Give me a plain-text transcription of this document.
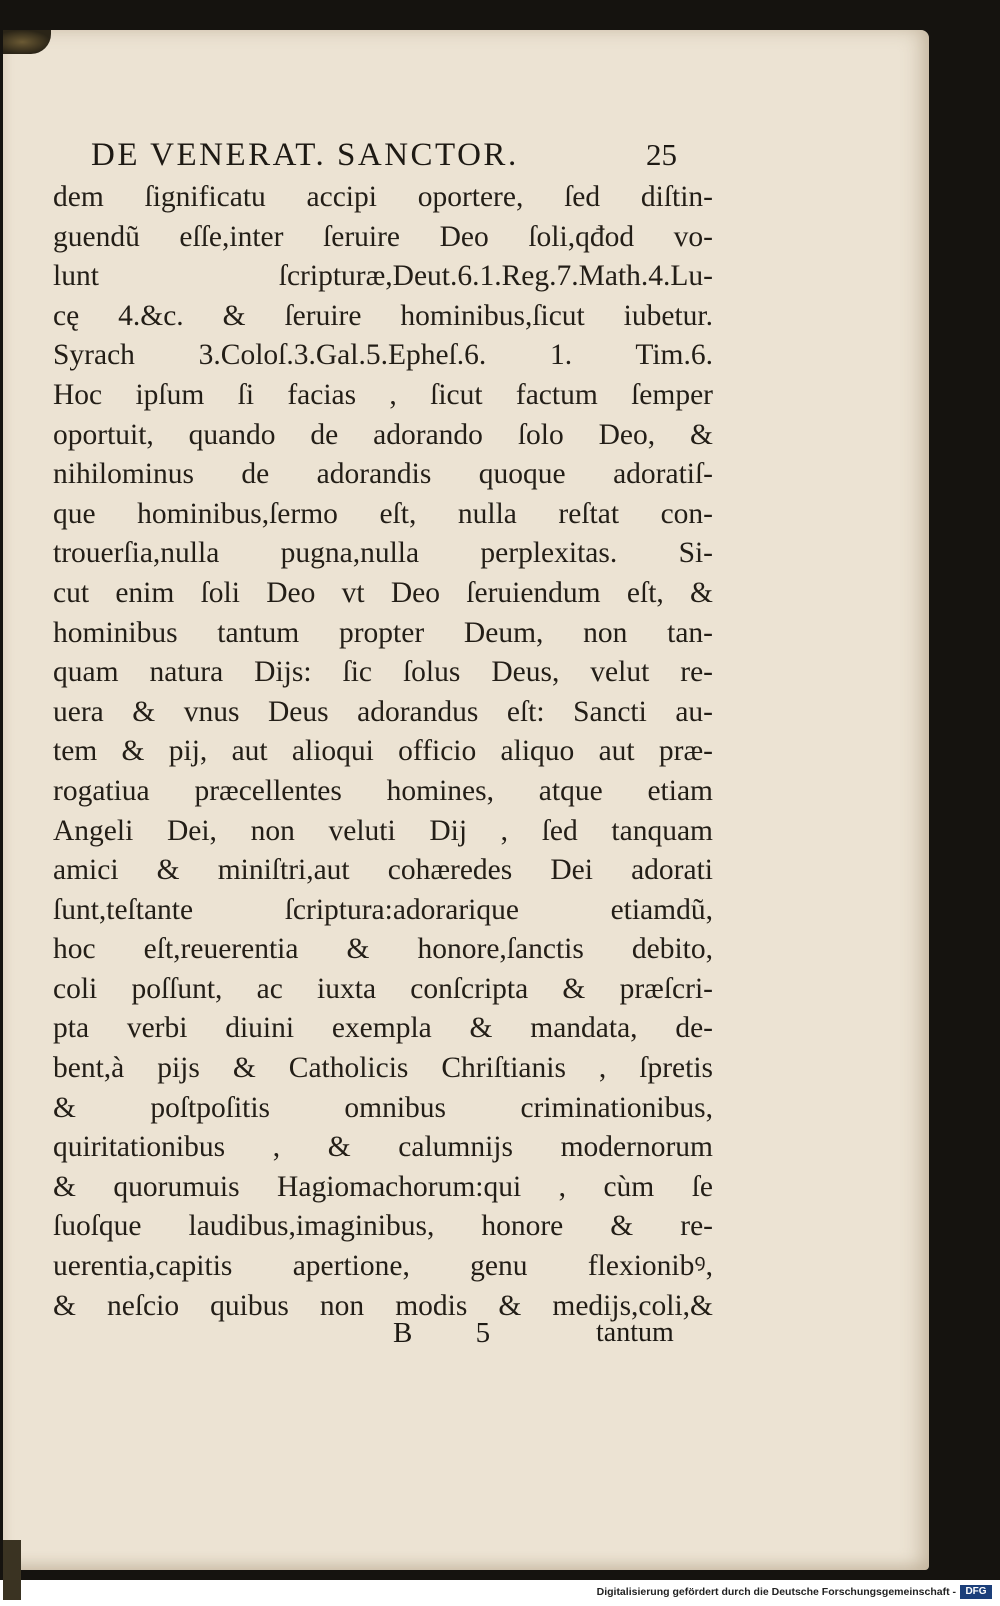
DE VENERAT. SANCTOR.	25
dem ſignificatu accipi oportere, ſed diſtin-
guendũ eſſe,inter ſeruire Deo ſoli,qđod vo-
lunt ſcripturæ,Deut.6.1.Reg.7.Math.4.Lu-
cę 4.&c. & ſeruire hominibus,ſicut iubetur.
Syrach 3.Coloſ.3.Gal.5.Epheſ.6. 1. Tim.6.
Hoc ipſum ſi facias , ſicut factum ſemper
oportuit, quando de adorando ſolo Deo, &
nihilominus de adorandis quoque adoratiſ-
que hominibus,ſermo eſt, nulla reſtat con-
trouerſia,nulla pugna,nulla perplexitas. Si-
cut enim ſoli Deo vt Deo ſeruiendum eſt, &
hominibus tantum propter Deum, non tan-
quam natura Dijs: ſic ſolus Deus, velut re-
uera & vnus Deus adorandus eſt: Sancti au-
tem & pij, aut alioqui officio aliquo aut præ-
rogatiua præcellentes homines, atque etiam
Angeli Dei, non veluti Dij , ſed tanquam
amici & miniſtri,aut cohæredes Dei adorati
ſunt,teſtante ſcriptura:adorarique etiamdũ,
hoc eſt,reuerentia & honore,ſanctis debito,
coli poſſunt, ac iuxta conſcripta & præſcri-
pta verbi diuini exempla & mandata, de-
bent,à pijs & Catholicis Chriſtianis , ſpretis
& poſtpoſitis omnibus criminationibus,
quiritationibus , & calumnijs modernorum
& quorumuis Hagiomachorum:qui , cùm ſe
ſuoſque laudibus,imaginibus, honore & re-
uerentia,capitis apertione, genu flexionibꝰ,
& neſcio quibus non modis & medijs,coli,&
B 5	tantum
Digitalisierung gefördert durch die Deutsche Forschungsgemeinschaft - DFG
